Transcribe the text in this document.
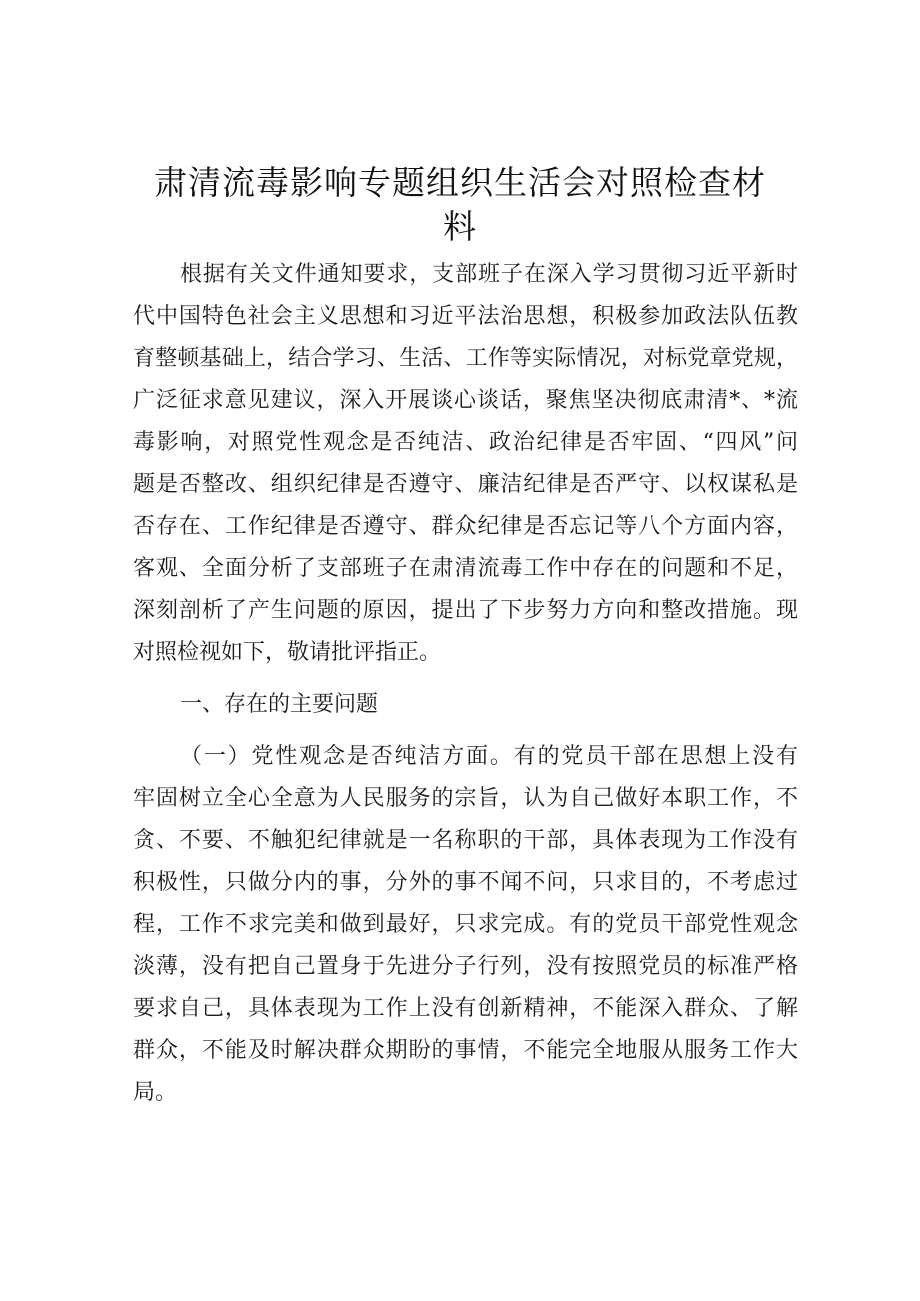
肃清流毒影响专题组织生活会对照检查材
料
根据有关文件通知要求，支部班子在深入学习贯彻习近平新时
代中国特色社会主义思想和习近平法治思想，积极参加政法队伍教
育整顿基础上，结合学习、生活、工作等实际情况，对标党章党规，
广泛征求意见建议，深入开展谈心谈话，聚焦坚决彻底肃清*、*流
毒影响，对照党性观念是否纯洁、政治纪律是否牢固、“四风”问
题是否整改、组织纪律是否遵守、廉洁纪律是否严守、以权谋私是
否存在、工作纪律是否遵守、群众纪律是否忘记等八个方面内容，
客观、全面分析了支部班子在肃清流毒工作中存在的问题和不足，
深刻剖析了产生问题的原因，提出了下步努力方向和整改措施。现
对照检视如下，敬请批评指正。
一、存在的主要问题
（一）党性观念是否纯洁方面。有的党员干部在思想上没有
牢固树立全心全意为人民服务的宗旨，认为自己做好本职工作，不
贪、不要、不触犯纪律就是一名称职的干部，具体表现为工作没有
积极性，只做分内的事，分外的事不闻不问，只求目的，不考虑过
程，工作不求完美和做到最好，只求完成。有的党员干部党性观念
淡薄，没有把自己置身于先进分子行列，没有按照党员的标准严格
要求自己，具体表现为工作上没有创新精神，不能深入群众、了解
群众，不能及时解决群众期盼的事情，不能完全地服从服务工作大
局。
